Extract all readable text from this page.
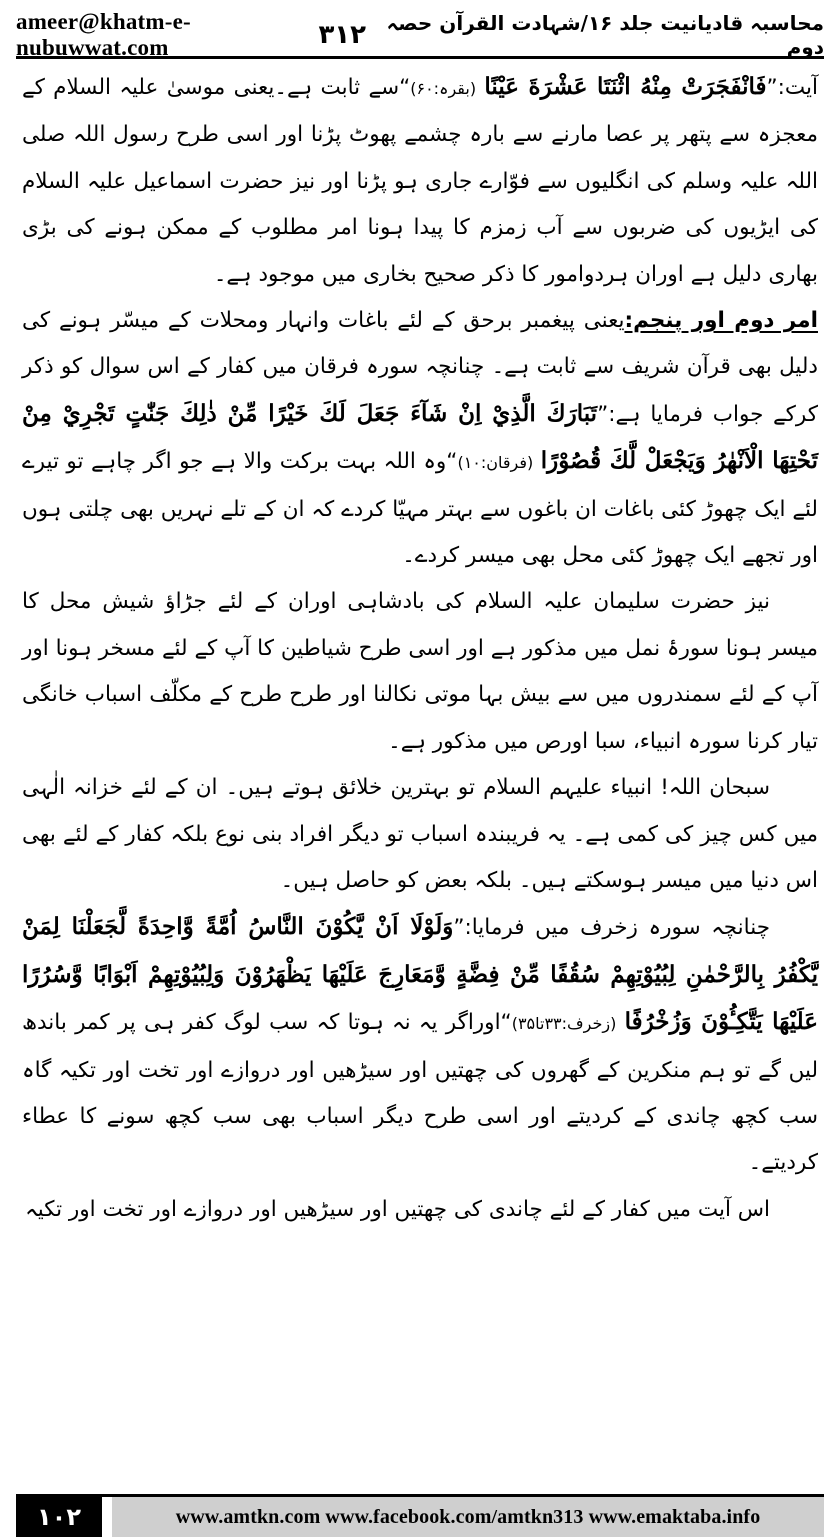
ameer@khatm-e-nubuwwat.com
محاسبہ قادیانیت جلد ۱۶/شہادت القرآن حصہ دوم
۳۱۲

آیت:”فَانْفَجَرَتْ مِنْهُ اثْنَتَا عَشْرَةَ عَيْنًا (بقرہ:۶۰)“سے ثابت ہے۔یعنی موسیٰ علیہ السلام کے معجزہ سے پتھر پر عصا مارنے سے بارہ چشمے پھوٹ پڑنا اور اسی طرح رسول اللہ صلی اللہ علیہ وسلم کی انگلیوں سے فوّارے جاری ہو پڑنا اور نیز حضرت اسماعیل علیہ السلام کی ایڑیوں کی ضربوں سے آب زمزم کا پیدا ہونا امر مطلوب کے ممکن ہونے کی بڑی بھاری دلیل ہے اوران ہردوامور کا ذکر صحیح بخاری میں موجود ہے۔

امر دوم اور پنجم:یعنی پیغمبر برحق کے لئے باغات وانہار ومحلات کے میسّر ہونے کی دلیل بھی قرآن شریف سے ثابت ہے۔ چنانچہ سورہ فرقان میں کفار کے اس سوال کو ذکر کرکے جواب فرمایا ہے:”تَبَارَكَ الَّذِيْ اِنْ شَآءَ جَعَلَ لَكَ خَيْرًا مِّنْ ذٰلِكَ جَنّٰتٍ تَجْرِيْ مِنْ تَحْتِهَا الْاَنْهٰرُ وَيَجْعَلْ لَّكَ قُصُوْرًا (فرقان:۱۰)“وہ اللہ بہت برکت والا ہے جو اگر چاہے تو تیرے لئے ایک چھوڑ کئی باغات ان باغوں سے بہتر مہیّا کردے کہ ان کے تلے نہریں بھی چلتی ہوں اور تجھے ایک چھوڑ کئی محل بھی میسر کردے۔

نیز حضرت سلیمان علیہ السلام کی بادشاہی اوران کے لئے جڑاؤ شیش محل کا میسر ہونا سورۂ نمل میں مذکور ہے اور اسی طرح شیاطین کا آپ کے لئے مسخر ہونا اور آپ کے لئے سمندروں میں سے بیش بہا موتی نکالنا اور طرح طرح کے مکلّف اسباب خانگی تیار کرنا سورہ انبیاء، سبا اورص میں مذکور ہے۔

سبحان اللہ! انبیاء علیہم السلام تو بہترین خلائق ہوتے ہیں۔ ان کے لئے خزانہ الٰہی میں کس چیز کی کمی ہے۔ یہ فریبندہ اسباب تو دیگر افراد بنی نوع بلکہ کفار کے لئے بھی اس دنیا میں میسر ہوسکتے ہیں۔ بلکہ بعض کو حاصل ہیں۔

چنانچہ سورہ زخرف میں فرمایا:”وَلَوْلَا اَنْ يَّكُوْنَ النَّاسُ اُمَّةً وَّاحِدَةً لَّجَعَلْنَا لِمَنْ يَّكْفُرُ بِالرَّحْمٰنِ لِبُيُوْتِهِمْ سُقُفًا مِّنْ فِضَّةٍ وَّمَعَارِجَ عَلَيْهَا يَظْهَرُوْنَ وَلِبُيُوْتِهِمْ اَبْوَابًا وَّسُرُرًا عَلَيْهَا يَتَّكِـُٔوْنَ وَزُخْرُفًا (زخرف:۳۳تا۳۵)“اوراگر یہ نہ ہوتا کہ سب لوگ کفر ہی پر کمر باندھ لیں گے تو ہم منکرین کے گھروں کی چھتیں اور سیڑھیں اور دروازے اور تخت اور تکیہ گاہ سب کچھ چاندی کے کردیتے اور اسی طرح دیگر اسباب بھی سب کچھ سونے کا عطاء کردیتے۔

اس آیت میں کفار کے لئے چاندی کی چھتیں اور سیڑھیں اور دروازے اور تخت اور تکیہ

۱۰۲	www.amtkn.com www.facebook.com/amtkn313 www.emaktaba.info
